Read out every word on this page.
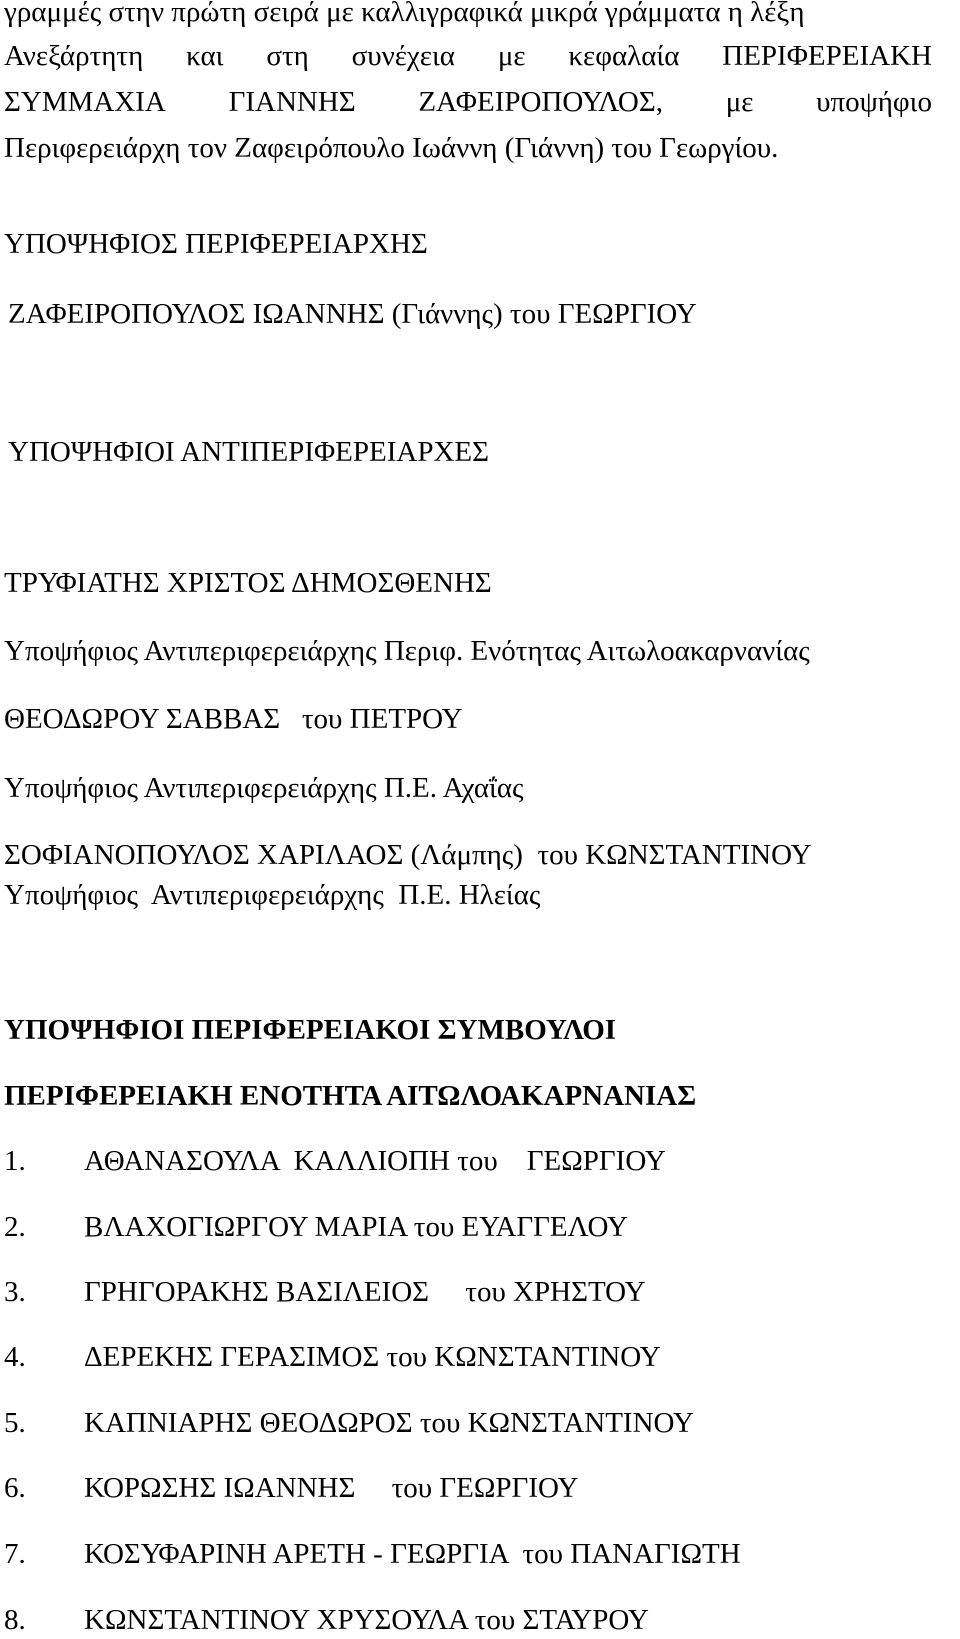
γραμμές στην πρώτη σειρά με καλλιγραφικά μικρά γράμματα η λέξη
Ανεξάρτητη και στη συνέχεια με κεφαλαία ΠΕΡΙΦΕΡΕΙΑΚΗ
ΣΥΜΜΑΧΙΑ ΓΙΑΝΝΗΣ ΖΑΦΕΙΡΟΠΟΥΛΟΣ, με υποψήφιο
Περιφερειάρχη τον Ζαφειρόπουλο Ιωάννη (Γιάννη) του Γεωργίου.
ΥΠΟΨΗΦΙΟΣ ΠΕΡΙΦΕΡΕΙΑΡΧΗΣ
ΖΑΦΕΙΡΟΠΟΥΛΟΣ ΙΩΑΝΝΗΣ (Γιάννης) του ΓΕΩΡΓΙΟΥ
ΥΠΟΨΗΦΙΟΙ ΑΝΤΙΠΕΡΙΦΕΡΕΙΑΡΧΕΣ
ΤΡΥΦΙΑΤΗΣ ΧΡΙΣΤΟΣ ΔΗΜΟΣΘΕΝΗΣ
Υποψήφιος Αντιπεριφερειάρχης Περιφ. Ενότητας Αιτωλοακαρνανίας
ΘΕΟΔΩΡΟΥ ΣΑΒΒΑΣ   του ΠΕΤΡΟΥ
Υποψήφιος Αντιπεριφερειάρχης Π.Ε. Αχαΐας
ΣΟΦΙΑΝΟΠΟΥΛΟΣ ΧΑΡΙΛΑΟΣ (Λάμπης)  του ΚΩΝΣΤΑΝΤΙΝΟΥ
Υποψήφιος  Αντιπεριφερειάρχης  Π.Ε. Ηλείας
ΥΠΟΨΗΦΙΟΙ ΠΕΡΙΦΕΡΕΙΑΚΟΙ ΣΥΜΒΟΥΛΟΙ
ΠΕΡΙΦΕΡΕΙΑΚΗ ΕΝΟΤΗΤΑ ΑΙΤΩΛΟΑΚΑΡΝΑΝΙΑΣ
1. ΑΘΑΝΑΣΟΥΛΑ  ΚΑΛΛΙΟΠΗ του    ΓΕΩΡΓΙΟΥ
2. ΒΛΑΧΟΓΙΩΡΓΟΥ ΜΑΡΙΑ του ΕΥΑΓΓΕΛΟΥ
3. ΓΡΗΓΟΡΑΚΗΣ ΒΑΣΙΛΕΙΟΣ     του ΧΡΗΣΤΟΥ
4. ΔΕΡΕΚΗΣ ΓΕΡΑΣΙΜΟΣ του ΚΩΝΣΤΑΝΤΙΝΟΥ
5. ΚΑΠΝΙΑΡΗΣ ΘΕΟΔΩΡΟΣ του ΚΩΝΣΤΑΝΤΙΝΟΥ
6. ΚΟΡΩΣΗΣ ΙΩΑΝΝΗΣ     του ΓΕΩΡΓΙΟΥ
7. ΚΟΣΥΦΑΡΙΝΗ ΑΡΕΤΗ - ΓΕΩΡΓΙΑ  του ΠΑΝΑΓΙΩΤΗ
8. ΚΩΝΣΤΑΝΤΙΝΟΥ ΧΡΥΣΟΥΛΑ του ΣΤΑΥΡΟΥ
